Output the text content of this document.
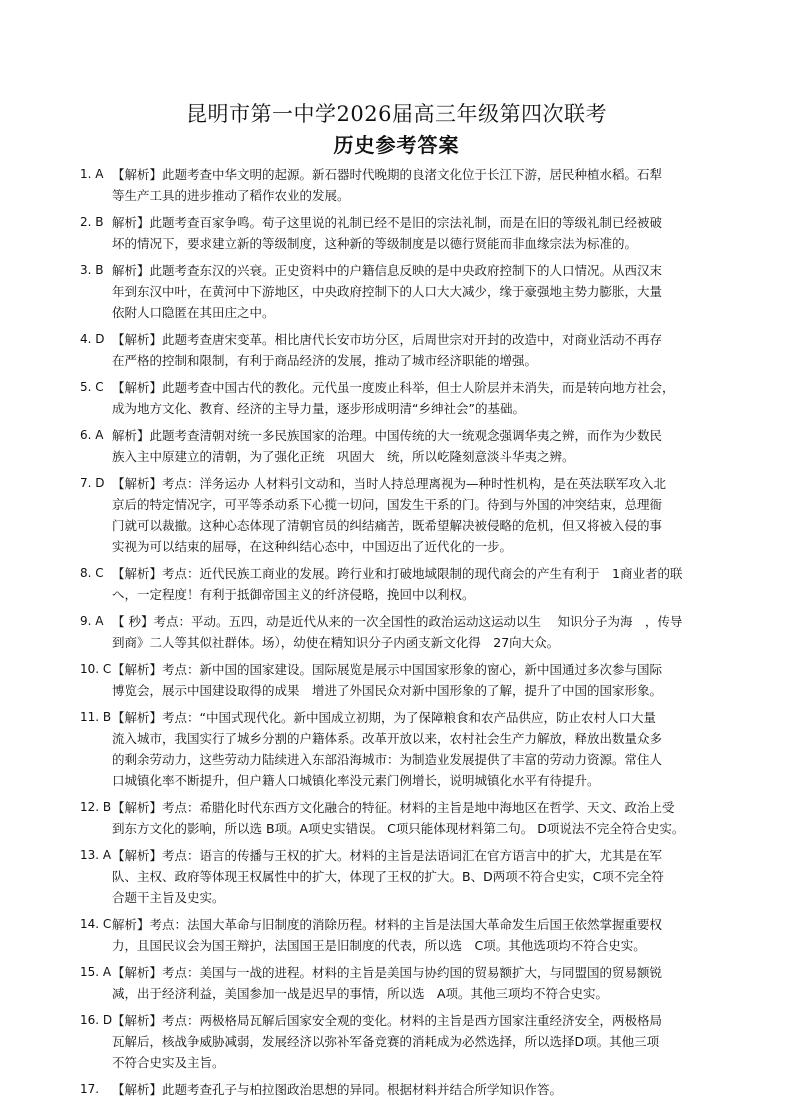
昆明市第一中学2026届高三年级第四次联考
历史参考答案
1. A 【解析】此题考查中华文明的起源。新石器时代晚期的良渚文化位于长江下游，居民种植水稻。石犁
等生产工具的进步推动了稻作农业的发展。
2. B 解析】此题考查百家争鸣。荀子这里说的礼制已经不是旧的宗法礼制，而是在旧的等级礼制已经被破
坏的情况下，要求建立新的等级制度，这种新的等级制度是以德行贤能而非血缘宗法为标准的。
3. B 解析】此题考查东汉的兴衰。正史资料中的户籍信息反映的是中央政府控制下的人口情况。从西汉末
年到东汉中叶，在黄河中下游地区，中央政府控制下的人口大大减少，缘于豪强地主势力膨胀，大量
依附人口隐匿在其田庄之中。
4. D 【解析】此题考查唐宋变革。相比唐代长安市坊分区，后周世宗对开封的改造中，对商业活动不再存
在严格的控制和限制，有利于商品经济的发展，推动了城市经济职能的增强。
5. C 【解析】此题考查中国古代的教化。元代虽一度废止科举，但士人阶层并未消失，而是转向地方社会，
成为地方文化、教育、经济的主导力量，逐步形成明清“乡绅社会”的基础。
6. A 解析】此题考查清朝对统一多民族国家的治理。中国传统的大一统观念强调华夷之辨，而作为少数民
族入主中原建立的清朝，为了强化正统　巩固大　统，所以屹隆刻意淡斗华夷之辨。
7. D 【解析】考点：洋务运办 人材料引文动和，当时人持总理离视为—种时性机构，是在英法联军攻入北
京后的特定情况字，可平等杀动系下心揽一切问，国发生干系的门。待到与外国的冲突结束，总理衙
门就可以裁撤。这种心态体现了清朝官员的纠结痛苦，既希望解决被侵略的危机，但又将被入侵的事
实视为可以结束的屈辱，在这种纠结心态中，中国迈出了近代化的一步。
8. C 【解析】考点：近代民族工商业的发展。跨行业和打破地域限制的现代商会的产生有利于　1商业者的联
へ，一定程度！有利于抵御帝国主义的纤济侵略，挽回中以利权。
9. A 【 秒】考点：平动。五四，动是近代从来的一次全国性的政治运动这运动以生　 知识分子为海　，传导
到商》二人等其似社群体。场），幼使在精知识分子内函支新文化得　27向大众。
10. C 【解析】考点：新中国的国家建设。国际展览是展示中国国家形象的窗心，新中国通过多次参与国际
博览会，展示中国建设取得的成果　增进了外国民众对新中国形象的了解，提升了中国的国家形象。
11. B 【解析】考点：“中国式现代化。新中国成立初期，为了保障粮食和农产品供应，防止农村人口大量
流入城市，我国实行了城乡分割的户籍体系。改革开放以来，农村社会生产力解放，释放出数量众多
的剩余劳动力，这些劳动力陆续进入东部沿海城市：为制造业发展提供了丰富的劳动力资源。常住人
口城镇化率不断提升，但户籍人口城镇化率没元素门例增长，说明城镇化水平有待提升。
12. B 【解析】考点：希腊化时代东西方文化融合的特征。材料的主旨是地中海地区在哲学、天文、政治上受
到东方文化的影响，所以选 B项。A项史实错误。 C项只能体现材料第二句。 D项说法不完全符合史实。
13. A 【解析】考点：语言的传播与王权的扩大。材料的主旨是法语词汇在官方语言中的扩大，尤其是在军
队、主权、政府等体现王权属性中的扩大，体现了王权的扩大。B、D两项不符合史实，C项不完全符
合题干主旨及史实。
14. C 解析】考点：法国大革命与旧制度的消除历程。材料的主旨是法国大革命发生后国王依然掌握重要权
力，且国民议会为国王辩护，法国国王是旧制度的代表，所以选　C项。其他选项均不符合史实。
15. A 【解析】考点：美国与一战的进程。材料的主旨是美国与协约国的贸易额扩大，与同盟国的贸易额锐
减，出于经济利益，美国参加一战是迟早的事情，所以选　A项。其他三项均不符合史实。
16. D 【解析】考点：两极格局瓦解后国家安全观的变化。材料的主旨是西方国家注重经济安全，两极格局
瓦解后，核战争威胁减弱，发展经济以弥补军备竞赛的消耗成为必然选择，所以选择D项。其他三项
不符合史实及主旨。
17.	【解析】此题考查孔子与柏拉图政治思想的异同。根据材料并结合所学知识作答。
